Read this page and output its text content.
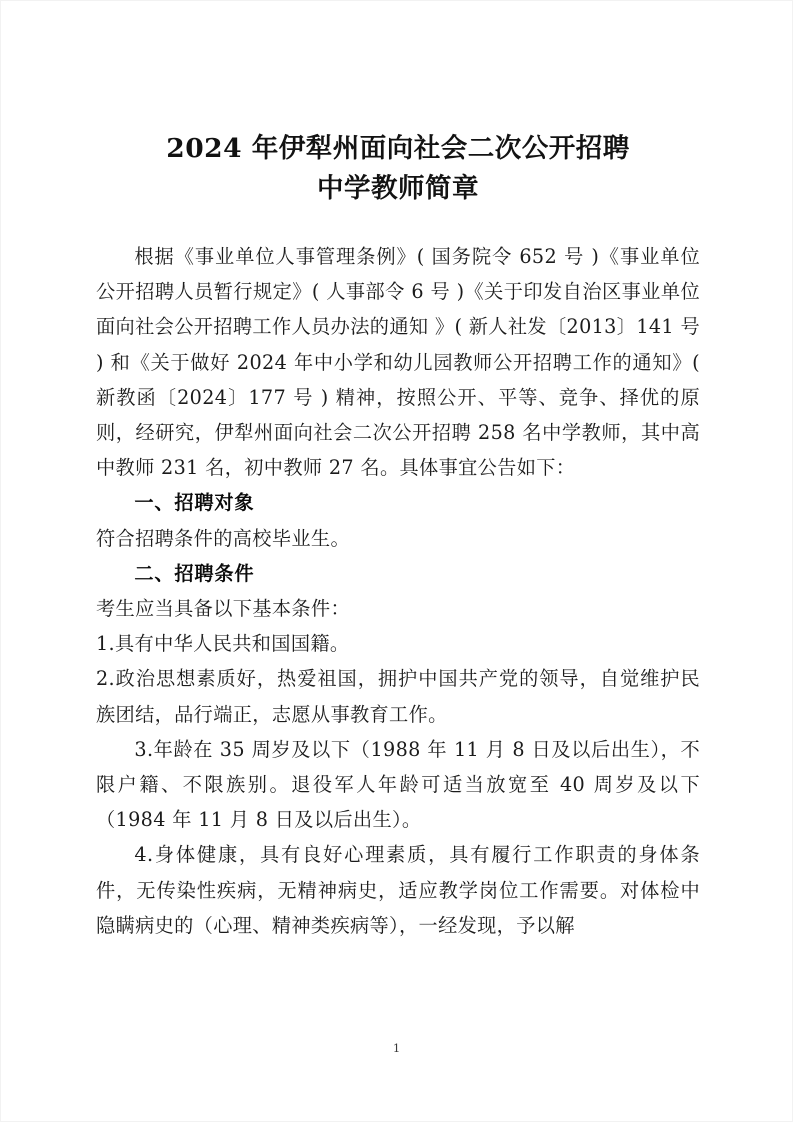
2024 年伊犁州面向社会二次公开招聘
中学教师简章

根据《事业单位人事管理条例》( 国务院令 652 号 )《事业单位公开招聘人员暂行规定》( 人事部令 6 号 )《关于印发自治区事业单位面向社会公开招聘工作人员办法的通知 》( 新人社发〔2013〕141 号 ) 和《关于做好 2024 年中小学和幼儿园教师公开招聘工作的通知》( 新教函〔2024〕177 号 ) 精神，按照公开、平等、竞争、择优的原则，经研究，伊犁州面向社会二次公开招聘 258 名中学教师，其中高中教师 231 名，初中教师 27 名。具体事宜公告如下：

一、招聘对象

符合招聘条件的高校毕业生。

二、招聘条件

考生应当具备以下基本条件：

1.具有中华人民共和国国籍。

2.政治思想素质好，热爱祖国，拥护中国共产党的领导，自觉维护民族团结，品行端正，志愿从事教育工作。

3.年龄在 35 周岁及以下（1988 年 11 月 8 日及以后出生），不限户籍、不限族别。退役军人年龄可适当放宽至 40 周岁及以下（1984 年 11 月 8 日及以后出生）。

4.身体健康，具有良好心理素质，具有履行工作职责的身体条件，无传染性疾病，无精神病史，适应教学岗位工作需要。对体检中隐瞒病史的（心理、精神类疾病等），一经发现，予以解

1
